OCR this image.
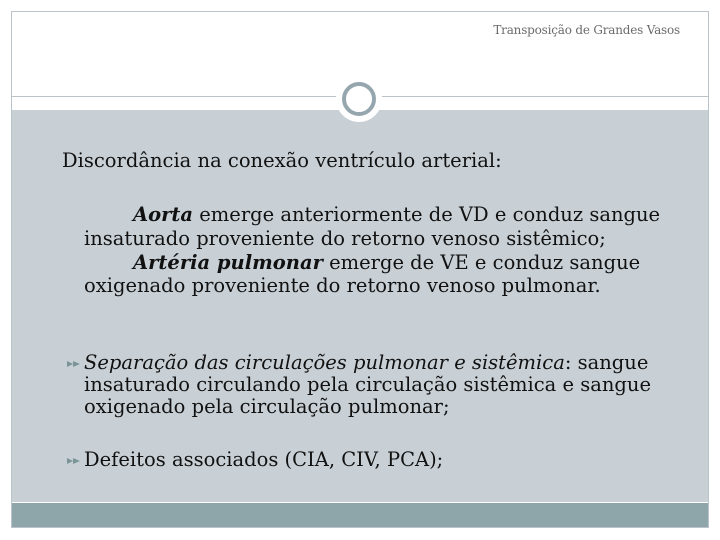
Transposição de Grandes Vasos
Discordância na conexão ventrículo arterial:
Aorta emerge anteriormente de VD e conduz sangue
insaturado proveniente do retorno venoso sistêmico;
Artéria pulmonar emerge de VE e conduz sangue
oxigenado proveniente do retorno venoso pulmonar.
Separação das circulações pulmonar e sistêmica: sangue
insaturado circulando pela circulação sistêmica e sangue
oxigenado pela circulação pulmonar;
Defeitos associados (CIA, CIV, PCA);
